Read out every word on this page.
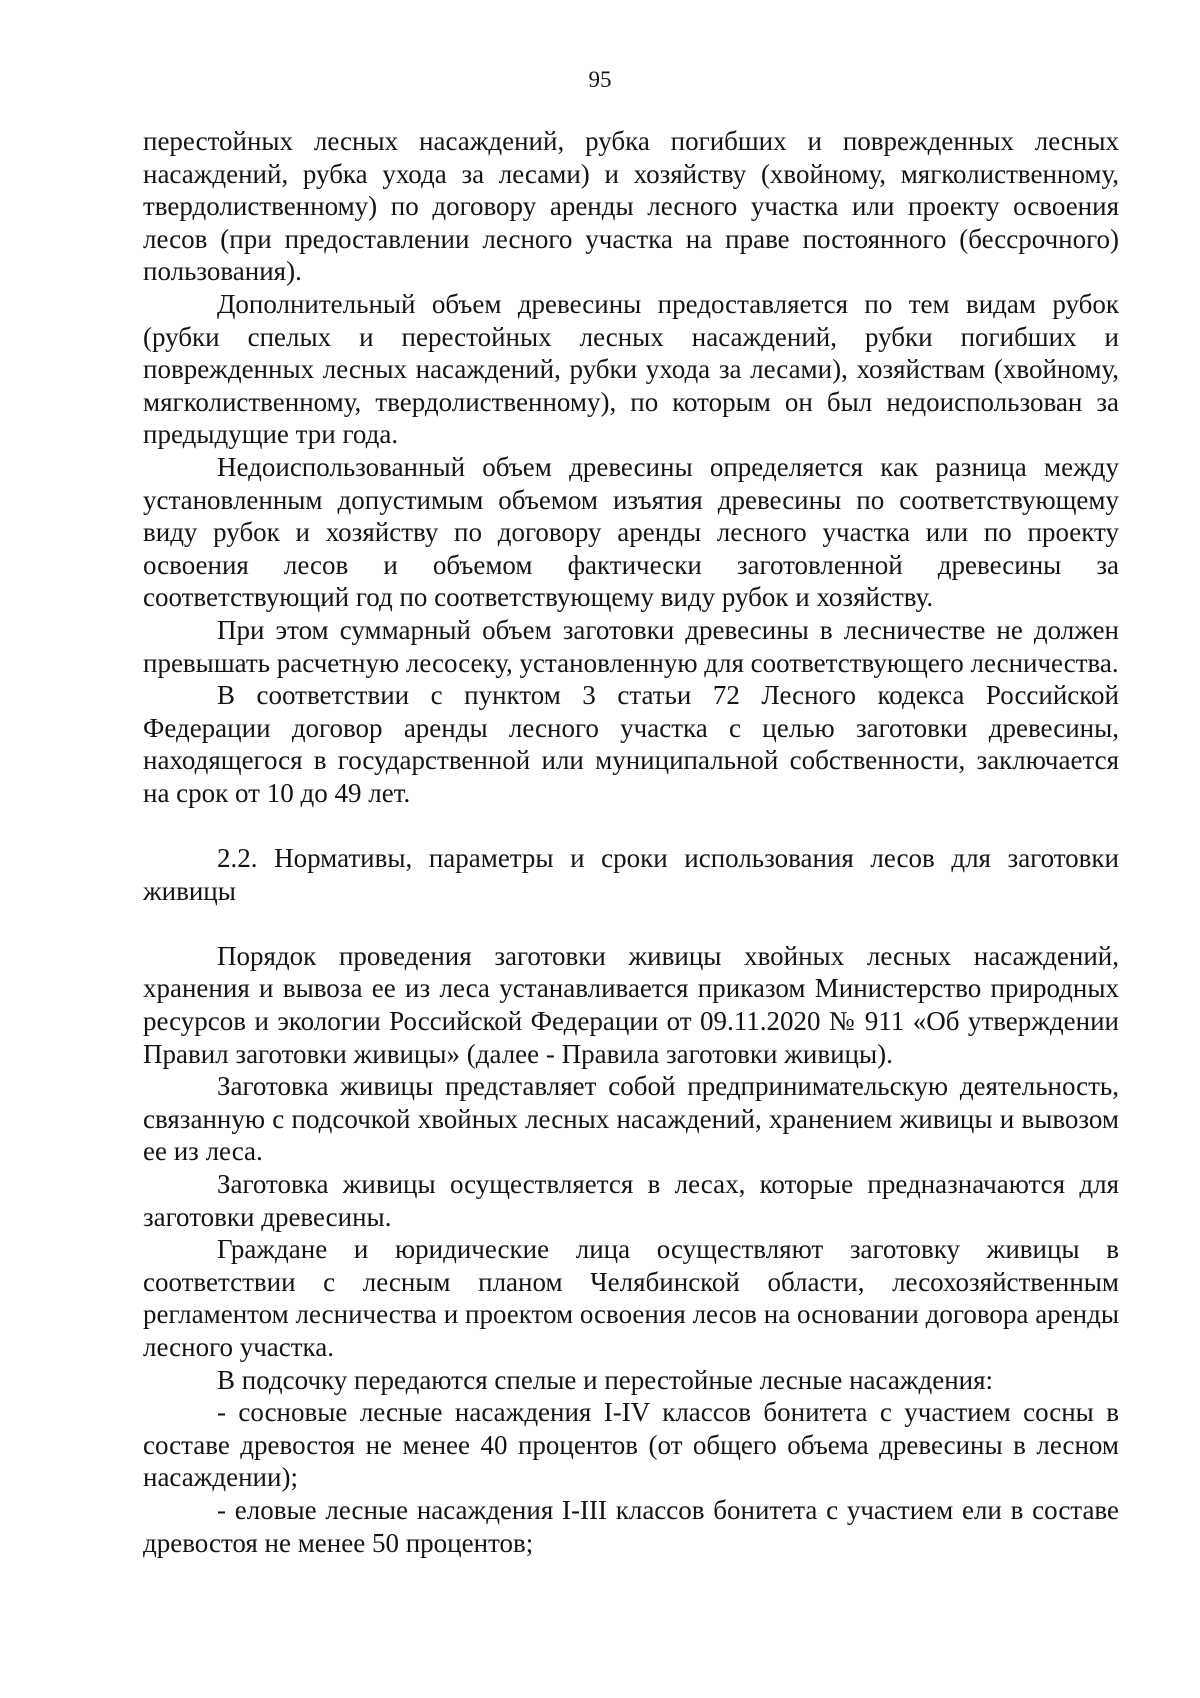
95

перестойных лесных насаждений, рубка погибших и поврежденных лесных насаждений, рубка ухода за лесами) и хозяйству (хвойному, мягколиственному, твердолиственному) по договору аренды лесного участка или проекту освоения лесов (при предоставлении лесного участка на праве постоянного (бессрочного) пользования).

Дополнительный объем древесины предоставляется по тем видам рубок (рубки спелых и перестойных лесных насаждений, рубки погибших и поврежденных лесных насаждений, рубки ухода за лесами), хозяйствам (хвойному, мягколиственному, твердолиственному), по которым он был недоиспользован за предыдущие три года.

Недоиспользованный объем древесины определяется как разница между установленным допустимым объемом изъятия древесины по соответствующему виду рубок и хозяйству по договору аренды лесного участка или по проекту освоения лесов и объемом фактически заготовленной древесины за соответствующий год по соответствующему виду рубок и хозяйству.

При этом суммарный объем заготовки древесины в лесничестве не должен превышать расчетную лесосеку, установленную для соответствующего лесничества.

В соответствии с пунктом 3 статьи 72 Лесного кодекса Российской Федерации договор аренды лесного участка с целью заготовки древесины, находящегося в государственной или муниципальной собственности, заключается на срок от 10 до 49 лет.

2.2. Нормативы, параметры и сроки использования лесов для заготовки живицы

Порядок проведения заготовки живицы хвойных лесных насаждений, хранения и вывоза ее из леса устанавливается приказом Министерство природных ресурсов и экологии Российской Федерации от 09.11.2020 № 911 «Об утверждении Правил заготовки живицы» (далее - Правила заготовки живицы).

Заготовка живицы представляет собой предпринимательскую деятельность, связанную с подсочкой хвойных лесных насаждений, хранением живицы и вывозом ее из леса.

Заготовка живицы осуществляется в лесах, которые предназначаются для заготовки древесины.

Граждане и юридические лица осуществляют заготовку живицы в соответствии с лесным планом Челябинской области, лесохозяйственным регламентом лесничества и проектом освоения лесов на основании договора аренды лесного участка.

В подсочку передаются спелые и перестойные лесные насаждения:

- сосновые лесные насаждения I-IV классов бонитета с участием сосны в составе древостоя не менее 40 процентов (от общего объема древесины в лесном насаждении);

- еловые лесные насаждения I-III классов бонитета с участием ели в составе древостоя не менее 50 процентов;
